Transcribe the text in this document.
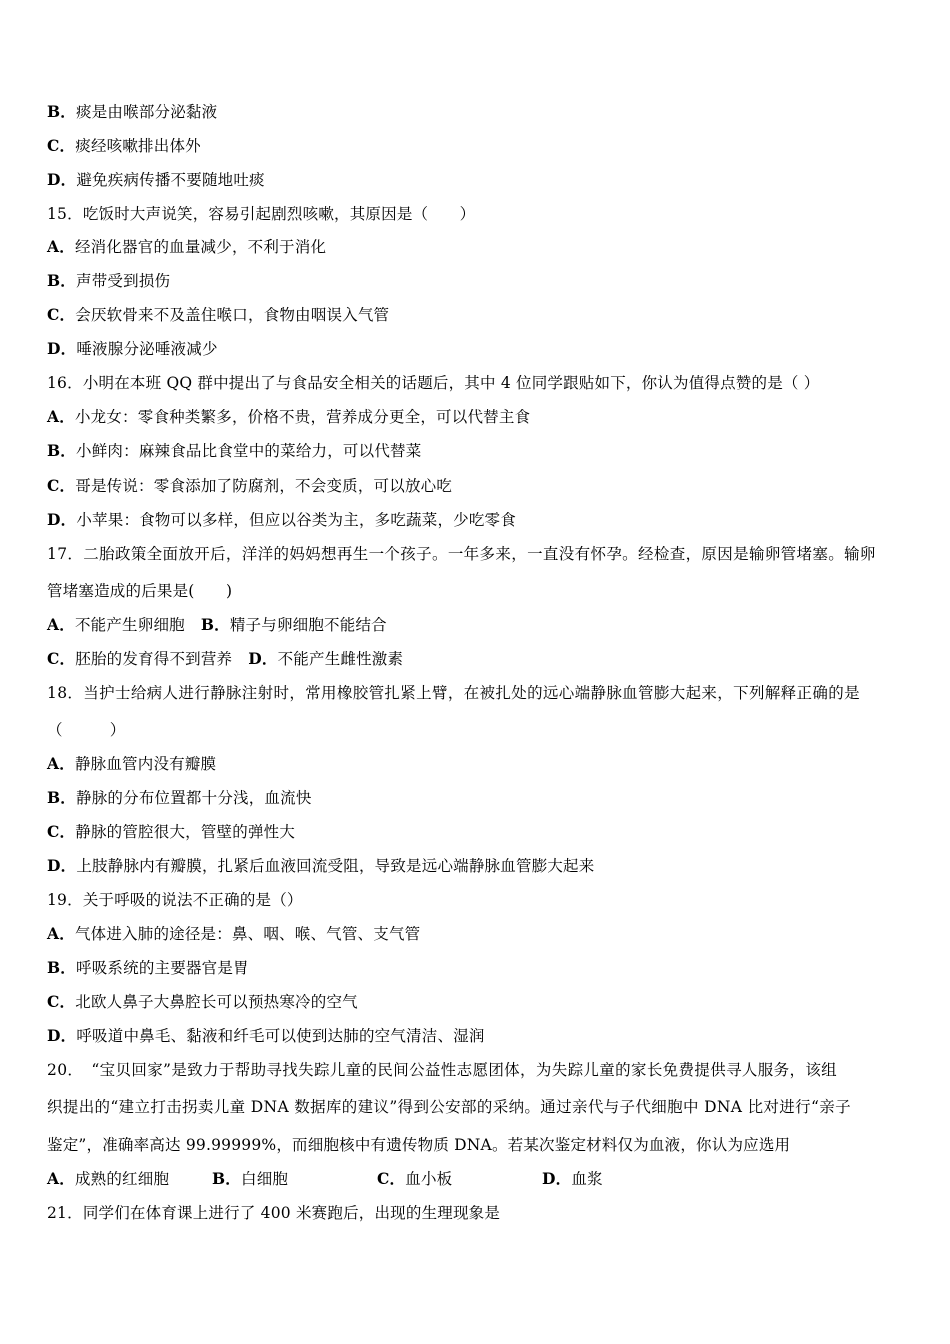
B．痰是由喉部分泌黏液
C．痰经咳嗽排出体外
D．避免疾病传播不要随地吐痰
15．吃饭时大声说笑，容易引起剧烈咳嗽，其原因是（　　）
A．经消化器官的血量减少，不利于消化
B．声带受到损伤
C．会厌软骨来不及盖住喉口，食物由咽误入气管
D．唾液腺分泌唾液减少
16．小明在本班 QQ 群中提出了与食品安全相关的话题后，其中 4 位同学跟贴如下，你认为值得点赞的是（ ）
A．小龙女：零食种类繁多，价格不贵，营养成分更全，可以代替主食
B．小鲜肉：麻辣食品比食堂中的菜给力，可以代替菜
C．哥是传说：零食添加了防腐剂，不会变质，可以放心吃
D．小苹果：食物可以多样，但应以谷类为主，多吃蔬菜，少吃零食
17．二胎政策全面放开后，洋洋的妈妈想再生一个孩子。一年多来，一直没有怀孕。经检查，原因是输卵管堵塞。输卵
管堵塞造成的后果是(　　)
A．不能产生卵细胞 B．精子与卵细胞不能结合
C．胚胎的发育得不到营养 D．不能产生雌性激素
18．当护士给病人进行静脉注射时，常用橡胶管扎紧上臂，在被扎处的远心端静脉血管膨大起来，下列解释正确的是
（　　　）
A．静脉血管内没有瓣膜
B．静脉的分布位置都十分浅，血流快
C．静脉的管腔很大，管壁的弹性大
D．上肢静脉内有瓣膜，扎紧后血液回流受阻，导致是远心端静脉血管膨大起来
19．关于呼吸的说法不正确的是（）
A．气体进入肺的途径是：鼻、咽、喉、气管、支气管
B．呼吸系统的主要器官是胃
C．北欧人鼻子大鼻腔长可以预热寒冷的空气
D．呼吸道中鼻毛、黏液和纤毛可以使到达肺的空气清洁、湿润
20．　“宝贝回家”是致力于帮助寻找失踪儿童的民间公益性志愿团体，为失踪儿童的家长免费提供寻人服务，该组
织提出的“建立打击拐卖儿童 DNA 数据库的建议”得到公安部的采纳。通过亲代与子代细胞中 DNA 比对进行“亲子
鉴定”，准确率高达 99.99999%，而细胞核中有遗传物质 DNA。若某次鉴定材料仅为血液，你认为应选用
A．成熟的红细胞	B．白细胞	C．血小板	D．血浆
21．同学们在体育课上进行了 400 米赛跑后，出现的生理现象是
